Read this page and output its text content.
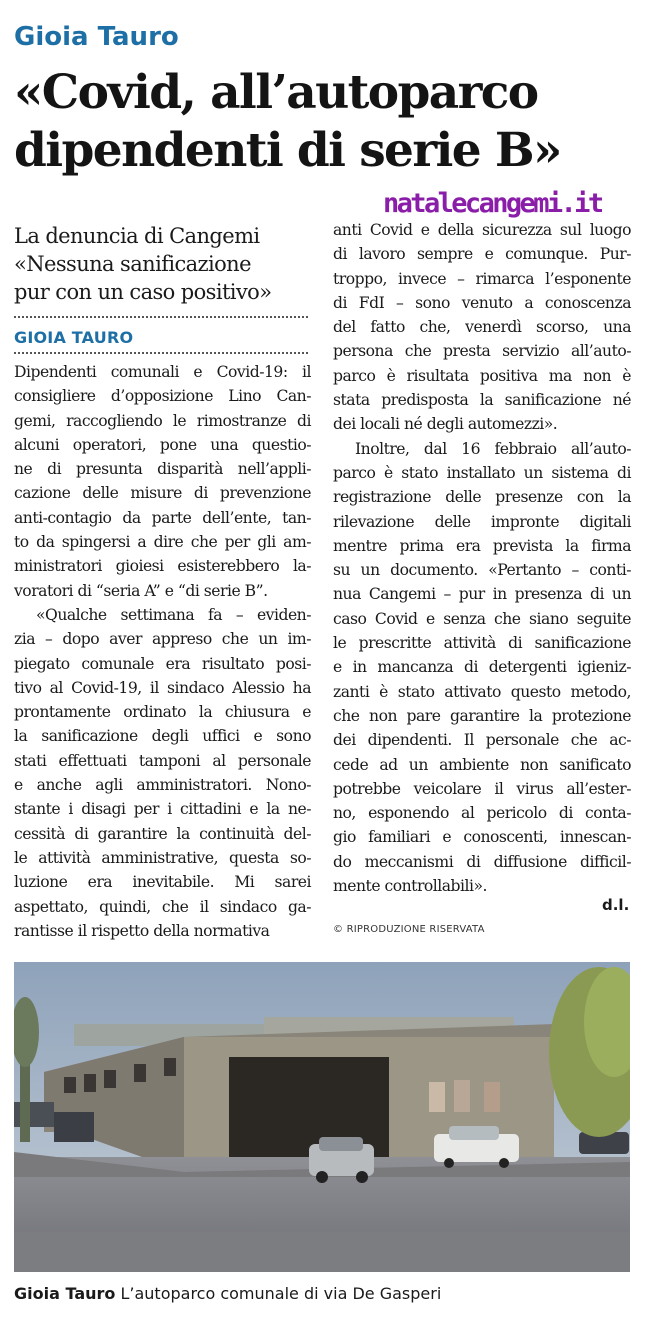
Gioia Tauro
«Covid, all’autoparco
dipendenti di serie B»
natalecangemi.it
La denuncia di Cangemi
«Nessuna sanificazione
pur con un caso positivo»
GIOIA TAURO
Dipendenti comunali e Covid-19: il
consigliere d’opposizione Lino Can-
gemi, raccogliendo le rimostranze di
alcuni operatori, pone una questio-
ne di presunta disparità nell’appli-
cazione delle misure di prevenzione
anti-contagio da parte dell’ente, tan-
to da spingersi a dire che per gli am-
ministratori gioiesi esisterebbero la-
voratori di “seria A” e “di serie B”.
«Qualche settimana fa – eviden-
zia – dopo aver appreso che un im-
piegato comunale era risultato posi-
tivo al Covid-19, il sindaco Alessio ha
prontamente ordinato la chiusura e
la sanificazione degli uffici e sono
stati effettuati tamponi al personale
e anche agli amministratori. Nono-
stante i disagi per i cittadini e la ne-
cessità di garantire la continuità del-
le attività amministrative, questa so-
luzione era inevitabile. Mi sarei
aspettato, quindi, che il sindaco ga-
rantisse il rispetto della normativa
anti Covid e della sicurezza sul luogo
di lavoro sempre e comunque. Pur-
troppo, invece – rimarca l’esponente
di FdI – sono venuto a conoscenza
del fatto che, venerdì scorso, una
persona che presta servizio all’auto-
parco è risultata positiva ma non è
stata predisposta la sanificazione né
dei locali né degli automezzi».
Inoltre, dal 16 febbraio all’auto-
parco è stato installato un sistema di
registrazione delle presenze con la
rilevazione delle impronte digitali
mentre prima era prevista la firma
su un documento. «Pertanto – conti-
nua Cangemi – pur in presenza di un
caso Covid e senza che siano seguite
le prescritte attività di sanificazione
e in mancanza di detergenti igieniz-
zanti è stato attivato questo metodo,
che non pare garantire la protezione
dei dipendenti. Il personale che ac-
cede ad un ambiente non sanificato
potrebbe veicolare il virus all’ester-
no, esponendo al pericolo di conta-
gio familiari e conoscenti, innescan-
do meccanismi di diffusione difficil-
mente controllabili».
d.l.
© RIPRODUZIONE RISERVATA
Gioia Tauro L’autoparco comunale di via De Gasperi
